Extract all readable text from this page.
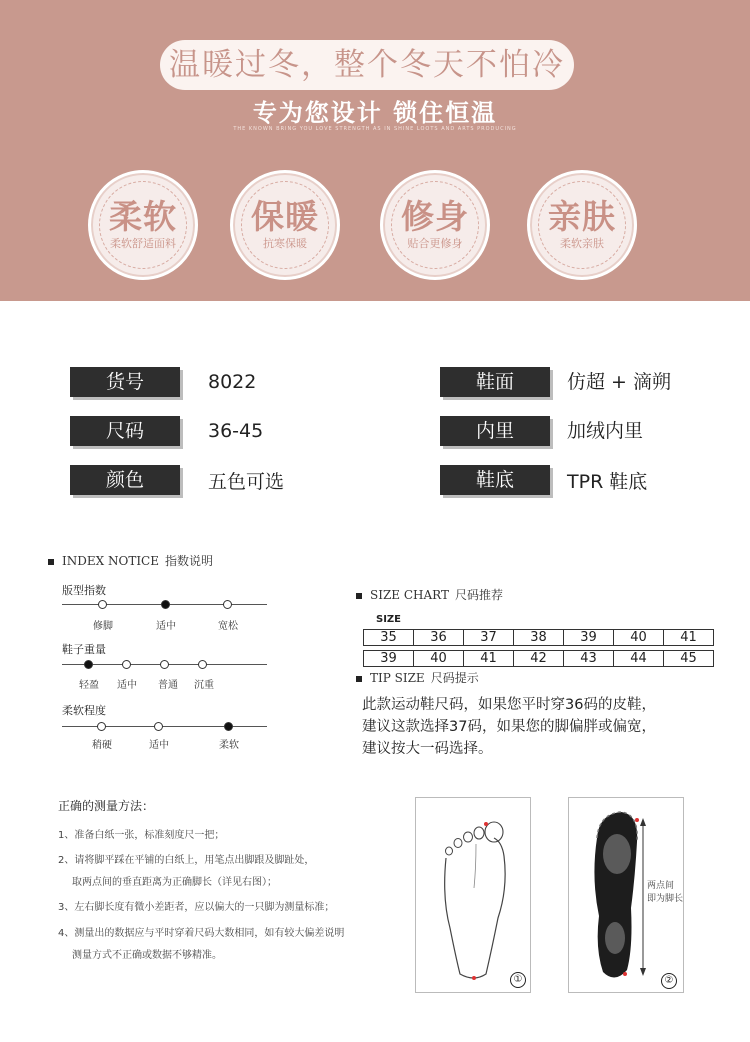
温暖过冬，整个冬天不怕冷
专为您设计 锁住恒温
THE KNOWN BRING YOU LOVE STRENGTH AS IN SHINE LOOTS AND ARTS PRODUCING
柔软
柔软舒适面料
保暖
抗寒保暖
修身
贴合更修身
亲肤
柔软亲肤
货号	8022
尺码	36-45
颜色	五色可选
鞋面	仿超 + 滴朔
内里	加绒内里
鞋底	TPR 鞋底
INDEX NOTICE 指数说明
版型指数
修脚	适中	宽松
鞋子重量
轻盈 适中 普通 沉重
柔软程度
稍硬	适中	柔软
SIZE CHART 尺码推荐
SIZE
35	36	37	38	39	40	41
39	40	41	42	43	44	45
TIP SIZE 尺码提示
此款运动鞋尺码，如果您平时穿36码的皮鞋，
建议这款选择37码，如果您的脚偏胖或偏宽，
建议按大一码选择。
正确的测量方法：
1、准备白纸一张，标准刻度尺一把；
2、请将脚平踩在平铺的白纸上，用笔点出脚跟及脚趾处，
取两点间的垂直距离为正确脚长（详见右图）；
3、左右脚长度有微小差距者，应以偏大的一只脚为测量标准；
4、测量出的数据应与平时穿着尺码大数相同，如有较大偏差说明
测量方式不正确或数据不够精准。
①
两点间
即为脚长
②
